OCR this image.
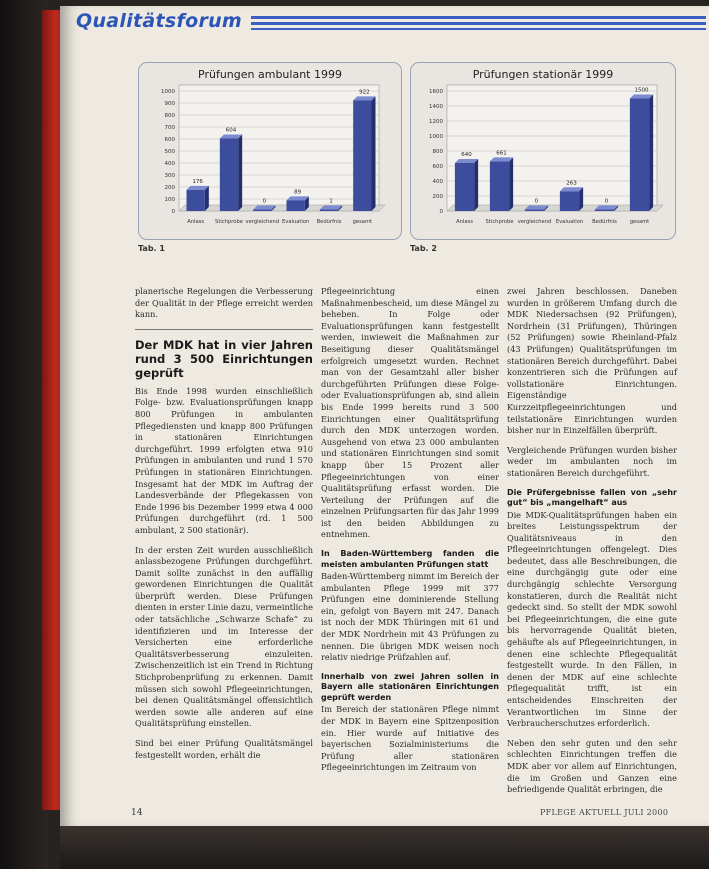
Qualitätsforum
Prüfungen ambulant 1999
1000
900
800
700
600
500
400
300
200
100
0
176
Anlass
604
Stichprobe
0
vergleichend
89
Evaluation
1
Bedürfnis
922
gesamt
Tab. 1
Prüfungen stationär 1999
1600
1400
1200
1000
800
600
400
200
0
640
Anlass
661
Stichprobe
0
vergleichend
263
Evaluation
0
Bedürfnis
1500
gesamt
Tab. 2

planerische Regelungen die Verbesserung der Qualität in der Pflege erreicht werden kann.

Der MDK hat in vier Jahren rund 3 500 Einrichtungen geprüft

Bis Ende 1998 wurden einschließlich Folge- bzw. Evaluationsprüfungen knapp 800 Prüfungen in ambulanten Pflegediensten und knapp 800 Prüfungen in stationären Einrichtungen durchgeführt. 1999 erfolgten etwa 910 Prüfungen in ambulanten und rund 1 570 Prüfungen in stationären Einrichtungen. Insgesamt hat der MDK im Auftrag der Landesverbände der Pflegekassen von Ende 1996 bis Dezember 1999 etwa 4 000 Prüfungen durchgeführt (rd. 1 500 ambulant, 2 500 stationär).

In der ersten Zeit wurden ausschließlich anlassbezogene Prüfungen durchgeführt. Damit sollte zunächst in den auffällig gewordenen Einrichtungen die Qualität überprüft werden. Diese Prüfungen dienten in erster Linie dazu, vermeintliche oder tatsächliche „Schwarze Schafe“ zu identifizieren und im Interesse der Versicherten eine erforderliche Qualitätsverbesserung einzuleiten. Zwischenzeitlich ist ein Trend in Richtung Stichprobenprüfung zu erkennen. Damit müssen sich sowohl Pflegeeinrichtungen, bei denen Qualitätsmängel offensichtlich werden sowie alle anderen auf eine Qualitätsprüfung einstellen.

Sind bei einer Prüfung Qualitätsmängel festgestellt worden, erhält die

Pflegeeinrichtung einen Maßnahmenbescheid, um diese Mängel zu beheben. In Folge oder Evaluationsprüfungen kann festgestellt werden, inwieweit die Maßnahmen zur Beseitigung dieser Qualitätsmängel erfolgreich umgesetzt wurden. Rechnet man von der Gesamtzahl aller bisher durchgeführten Prüfungen diese Folge- oder Evaluationsprüfungen ab, sind allein bis Ende 1999 bereits rund 3 500 Einrichtungen einer Qualitätsprüfung durch den MDK unterzogen worden. Ausgehend von etwa 23 000 ambulanten und stationären Einrichtungen sind somit knapp über 15 Prozent aller Pflegeeinrichtungen von einer Qualitätsprüfung erfasst worden. Die Verteilung der Prüfungen auf die einzelnen Prüfungsarten für das Jahr 1999 ist den beiden Abbildungen zu entnehmen.

In Baden-Württemberg fanden die meisten ambulanten Prüfungen statt

Baden-Württemberg nimmt im Bereich der ambulanten Pflege 1999 mit 377 Prüfungen eine dominierende Stellung ein, gefolgt von Bayern mit 247. Danach ist noch der MDK Thüringen mit 61 und der MDK Nordrhein mit 43 Prüfungen zu nennen. Die übrigen MDK weisen noch relativ niedrige Prüfzahlen auf.

Innerhalb von zwei Jahren sollen in Bayern alle stationären Einrichtungen geprüft werden

Im Bereich der stationären Pflege nimmt der MDK in Bayern eine Spitzenposition ein. Hier wurde auf Initiative des bayerischen Sozialministeriums die Prüfung aller stationären Pflegeeinrichtungen im Zeitraum von

zwei Jahren beschlossen. Daneben wurden in größerem Umfang durch die MDK Niedersachsen (92 Prüfungen), Nordrhein (31 Prüfungen), Thüringen (52 Prüfungen) sowie Rheinland-Pfalz (43 Prüfungen) Qualitätsprüfungen im stationären Bereich durchgeführt. Dabei konzentrieren sich die Prüfungen auf vollstationäre Einrichtungen. Eigenständige Kurzzeitpflegeeinrichtungen und teilstationäre Einrichtungen wurden bisher nur in Einzelfällen überprüft.

Vergleichende Prüfungen wurden bisher weder im ambulanten noch im stationären Bereich durchgeführt.

Die Prüfergebnisse fallen von „sehr gut“ bis „mangelhaft“ aus

Die MDK-Qualitätsprüfungen haben ein breites Leistungsspektrum der Qualitätsniveaus in den Pflegeeinrichtungen offengelegt. Dies bedeutet, dass alle Beschreibungen, die eine durchgängig gute oder eine durchgängig schlechte Versorgung konstatieren, durch die Realität nicht gedeckt sind. So stellt der MDK sowohl bei Pflegeeinrichtungen, die eine gute bis hervorragende Qualität bieten, gehäufte als auf Pflegeeinrichtungen, in denen eine schlechte Pflegequalität festgestellt wurde. In den Fällen, in denen der MDK auf eine schlechte Pflegequalität trifft, ist ein entscheidendes Einschreiten der Verantwortlichen im Sinne der Verbraucherschutzes erforderlich.

Neben den sehr guten und den sehr schlechten Einrichtungen treffen die MDK aber vor allem auf Einrichtungen, die im Großen und Ganzen eine befriedigende Qualität erbringen, die

14	PFLEGE AKTUELL JULI 2000
